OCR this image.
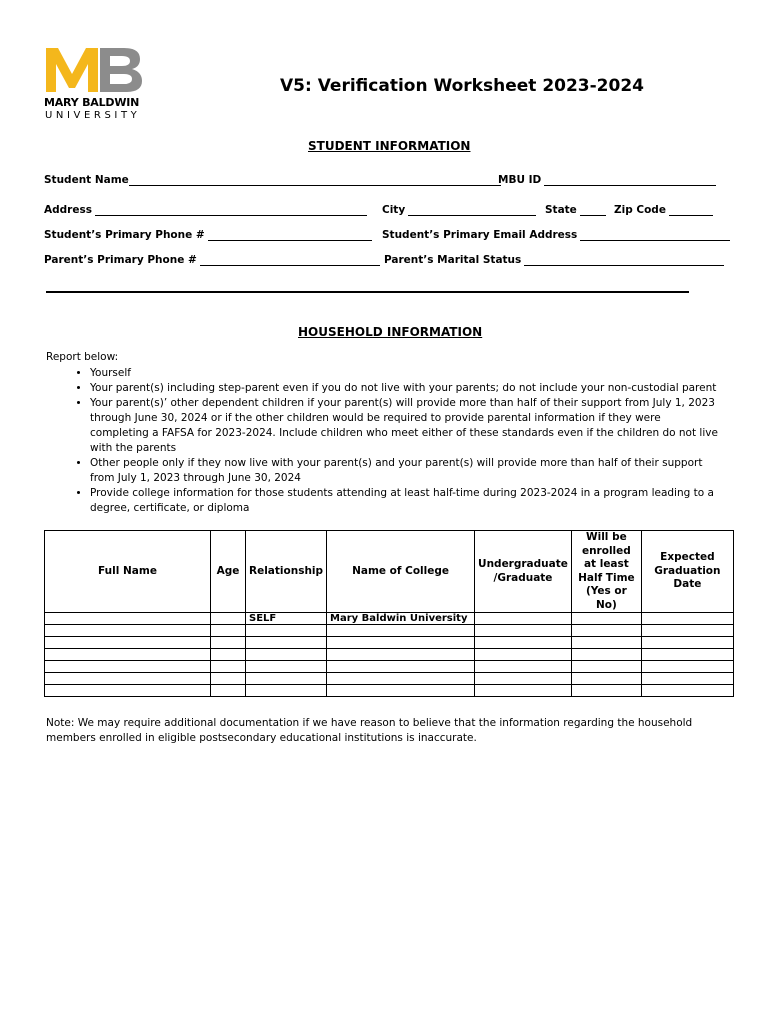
MARY BALDWIN
UNIVERSITY
V5: Verification Worksheet 2023-2024
STUDENT INFORMATION
Student Name	MBU ID
Address	City	State	Zip Code
Student’s Primary Phone #	Student’s Primary Email Address
Parent’s Primary Phone #	Parent’s Marital Status
HOUSEHOLD INFORMATION
Report below:
• Yourself
• Your parent(s) including step-parent even if you do not live with your parents; do not include your non-custodial parent
• Your parent(s)’ other dependent children if your parent(s) will provide more than half of their support from July 1, 2023 through June 30, 2024 or if the other children would be required to provide parental information if they were completing a FAFSA for 2023-2024. Include children who meet either of these standards even if the children do not live with the parents
• Other people only if they now live with your parent(s) and your parent(s) will provide more than half of their support from July 1, 2023 through June 30, 2024
• Provide college information for those students attending at least half-time during 2023-2024 in a program leading to a degree, certificate, or diploma
Full Name	Age	Relationship	Name of College	Undergraduate /Graduate	Will be enrolled at least Half Time (Yes or No)	Expected Graduation Date
		SELF	Mary Baldwin University			

Note: We may require additional documentation if we have reason to believe that the information regarding the household members enrolled in eligible postsecondary educational institutions is inaccurate.
